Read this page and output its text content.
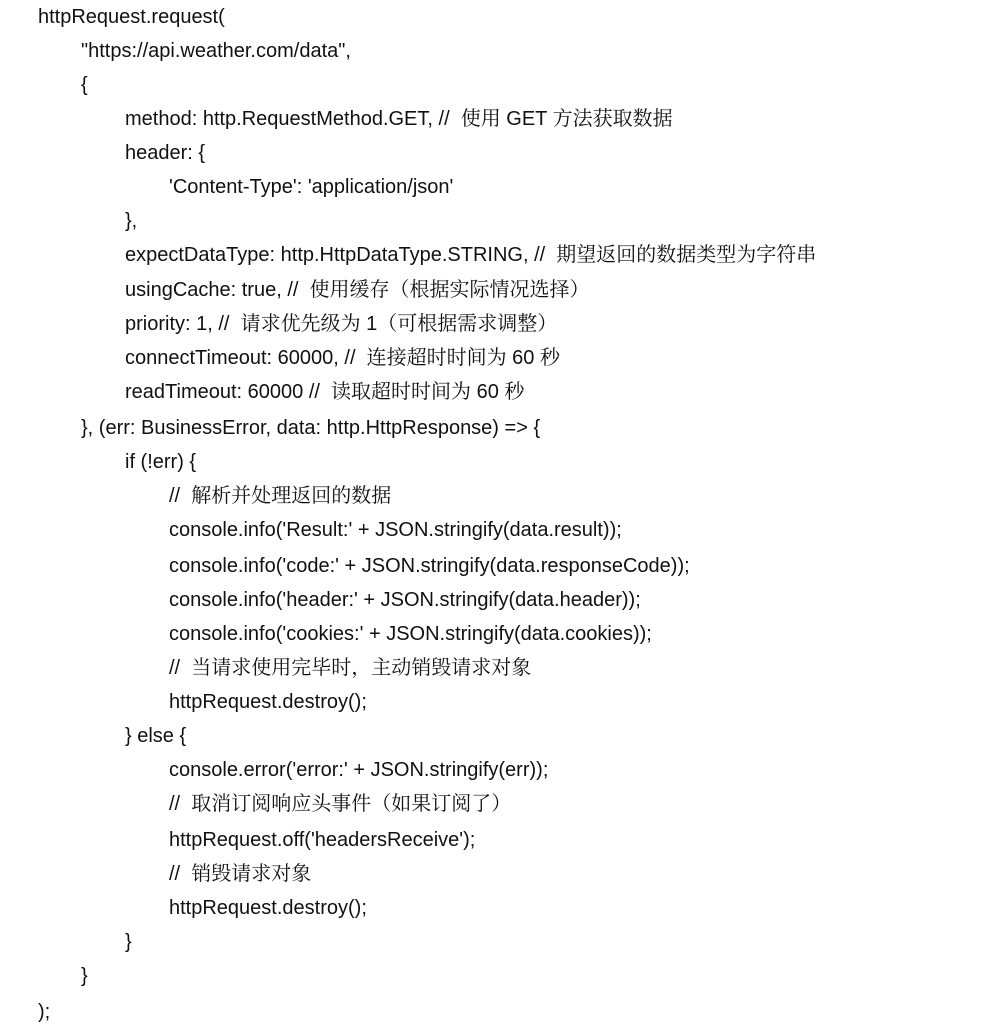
httpRequest.request(
"https://api.weather.com/data",
{
method: http.RequestMethod.GET, //  使用 GET 方法获取数据
header: {
'Content-Type': 'application/json'
},
expectDataType: http.HttpDataType.STRING, //  期望返回的数据类型为字符串
usingCache: true, //  使用缓存（根据实际情况选择）
priority: 1, //  请求优先级为 1（可根据需求调整）
connectTimeout: 60000, //  连接超时时间为 60 秒
readTimeout: 60000 //  读取超时时间为 60 秒
}, (err: BusinessError, data: http.HttpResponse) => {
if (!err) {
//  解析并处理返回的数据
console.info('Result:' + JSON.stringify(data.result));
console.info('code:' + JSON.stringify(data.responseCode));
console.info('header:' + JSON.stringify(data.header));
console.info('cookies:' + JSON.stringify(data.cookies));
//  当请求使用完毕时，主动销毁请求对象
httpRequest.destroy();
} else {
console.error('error:' + JSON.stringify(err));
//  取消订阅响应头事件（如果订阅了）
httpRequest.off('headersReceive');
//  销毁请求对象
httpRequest.destroy();
}
}
);
